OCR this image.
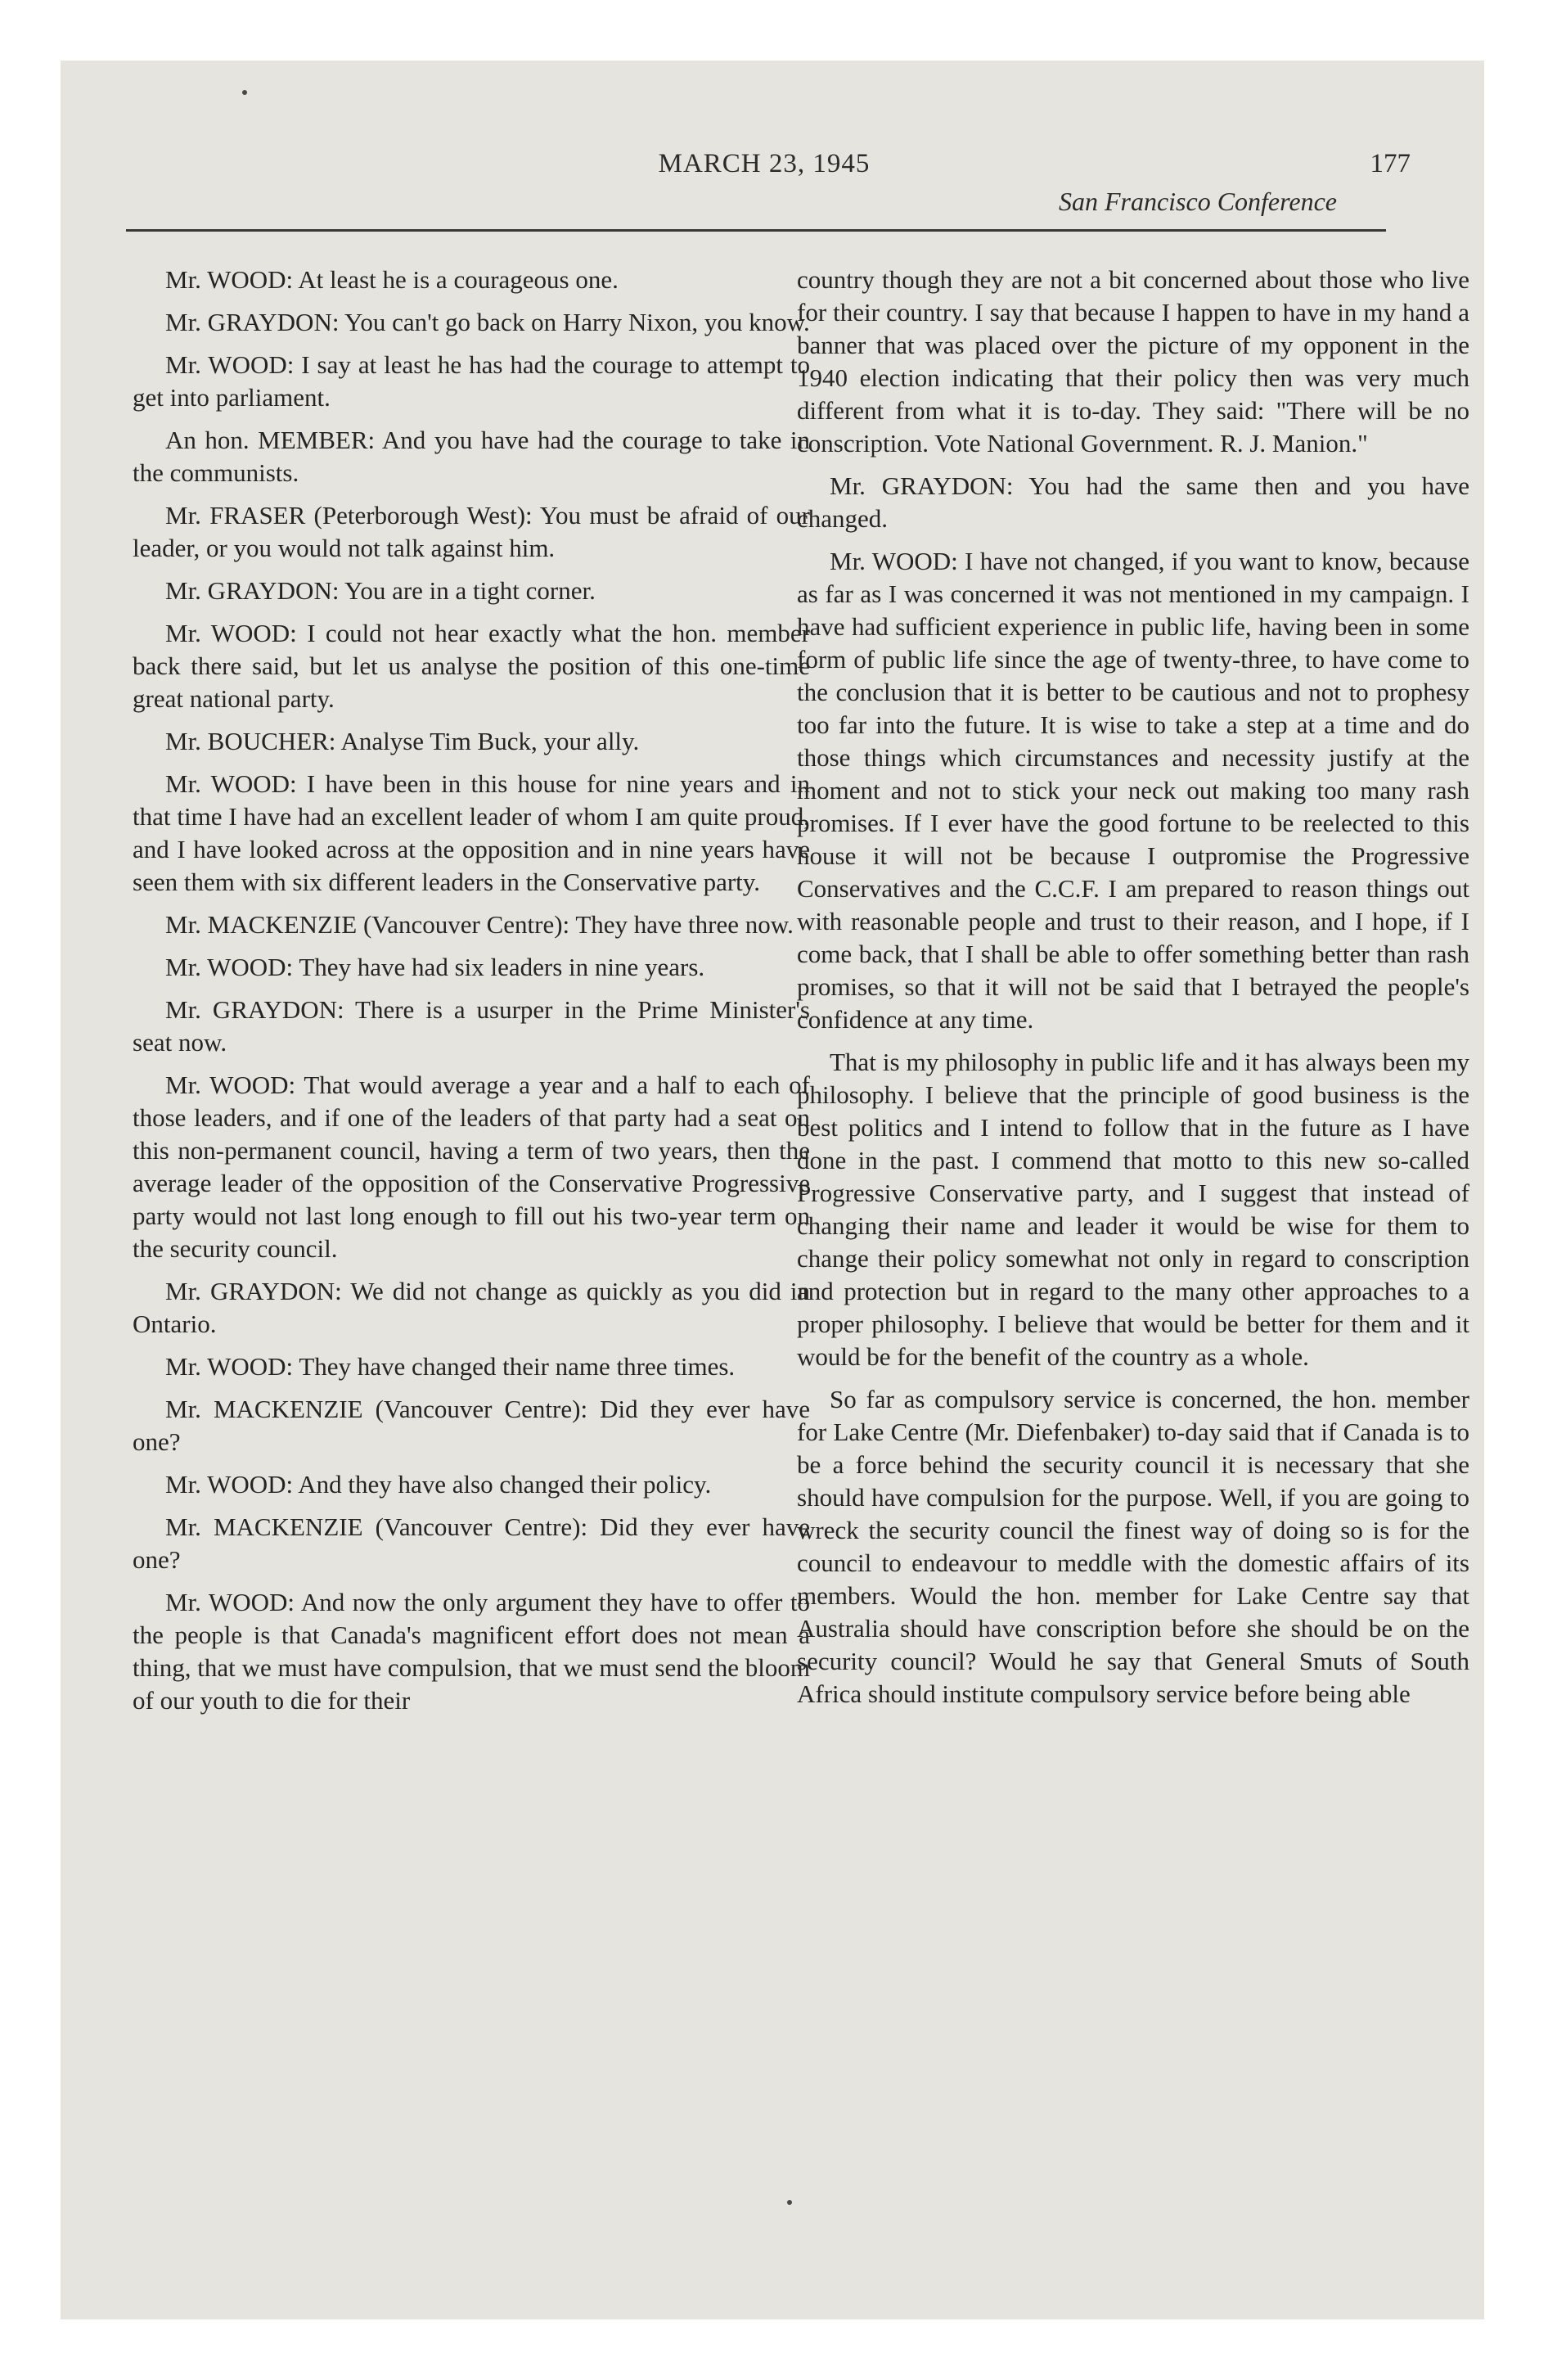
MARCH 23, 1945	177
San Francisco Conference

Mr. WOOD: At least he is a courageous one.

Mr. GRAYDON: You can't go back on Harry Nixon, you know.

Mr. WOOD: I say at least he has had the courage to attempt to get into parliament.

An hon. MEMBER: And you have had the courage to take in the communists.

Mr. FRASER (Peterborough West): You must be afraid of our leader, or you would not talk against him.

Mr. GRAYDON: You are in a tight corner.

Mr. WOOD: I could not hear exactly what the hon. member back there said, but let us analyse the position of this one-time great national party.

Mr. BOUCHER: Analyse Tim Buck, your ally.

Mr. WOOD: I have been in this house for nine years and in that time I have had an excellent leader of whom I am quite proud, and I have looked across at the opposition and in nine years have seen them with six different leaders in the Conservative party.

Mr. MACKENZIE (Vancouver Centre): They have three now.

Mr. WOOD: They have had six leaders in nine years.

Mr. GRAYDON: There is a usurper in the Prime Minister's seat now.

Mr. WOOD: That would average a year and a half to each of those leaders, and if one of the leaders of that party had a seat on this non-permanent council, having a term of two years, then the average leader of the opposition of the Conservative Progressive party would not last long enough to fill out his two-year term on the security council.

Mr. GRAYDON: We did not change as quickly as you did in Ontario.

Mr. WOOD: They have changed their name three times.

Mr. MACKENZIE (Vancouver Centre): Did they ever have one?

Mr. WOOD: And they have also changed their policy.

Mr. MACKENZIE (Vancouver Centre): Did they ever have one?

Mr. WOOD: And now the only argument they have to offer to the people is that Canada's magnificent effort does not mean a thing, that we must have compulsion, that we must send the bloom of our youth to die for their

country though they are not a bit concerned about those who live for their country. I say that because I happen to have in my hand a banner that was placed over the picture of my opponent in the 1940 election indicating that their policy then was very much different from what it is to-day. They said: "There will be no conscription. Vote National Government. R. J. Manion."

Mr. GRAYDON: You had the same then and you have changed.

Mr. WOOD: I have not changed, if you want to know, because as far as I was concerned it was not mentioned in my campaign. I have had sufficient experience in public life, having been in some form of public life since the age of twenty-three, to have come to the conclusion that it is better to be cautious and not to prophesy too far into the future. It is wise to take a step at a time and do those things which circumstances and necessity justify at the moment and not to stick your neck out making too many rash promises. If I ever have the good fortune to be reelected to this house it will not be because I outpromise the Progressive Conservatives and the C.C.F. I am prepared to reason things out with reasonable people and trust to their reason, and I hope, if I come back, that I shall be able to offer something better than rash promises, so that it will not be said that I betrayed the people's confidence at any time.

That is my philosophy in public life and it has always been my philosophy. I believe that the principle of good business is the best politics and I intend to follow that in the future as I have done in the past. I commend that motto to this new so-called Progressive Conservative party, and I suggest that instead of changing their name and leader it would be wise for them to change their policy somewhat not only in regard to conscription and protection but in regard to the many other approaches to a proper philosophy. I believe that would be better for them and it would be for the benefit of the country as a whole.

So far as compulsory service is concerned, the hon. member for Lake Centre (Mr. Diefenbaker) to-day said that if Canada is to be a force behind the security council it is necessary that she should have compulsion for the purpose. Well, if you are going to wreck the security council the finest way of doing so is for the council to endeavour to meddle with the domestic affairs of its members. Would the hon. member for Lake Centre say that Australia should have conscription before she should be on the security council? Would he say that General Smuts of South Africa should institute compulsory service before being able
